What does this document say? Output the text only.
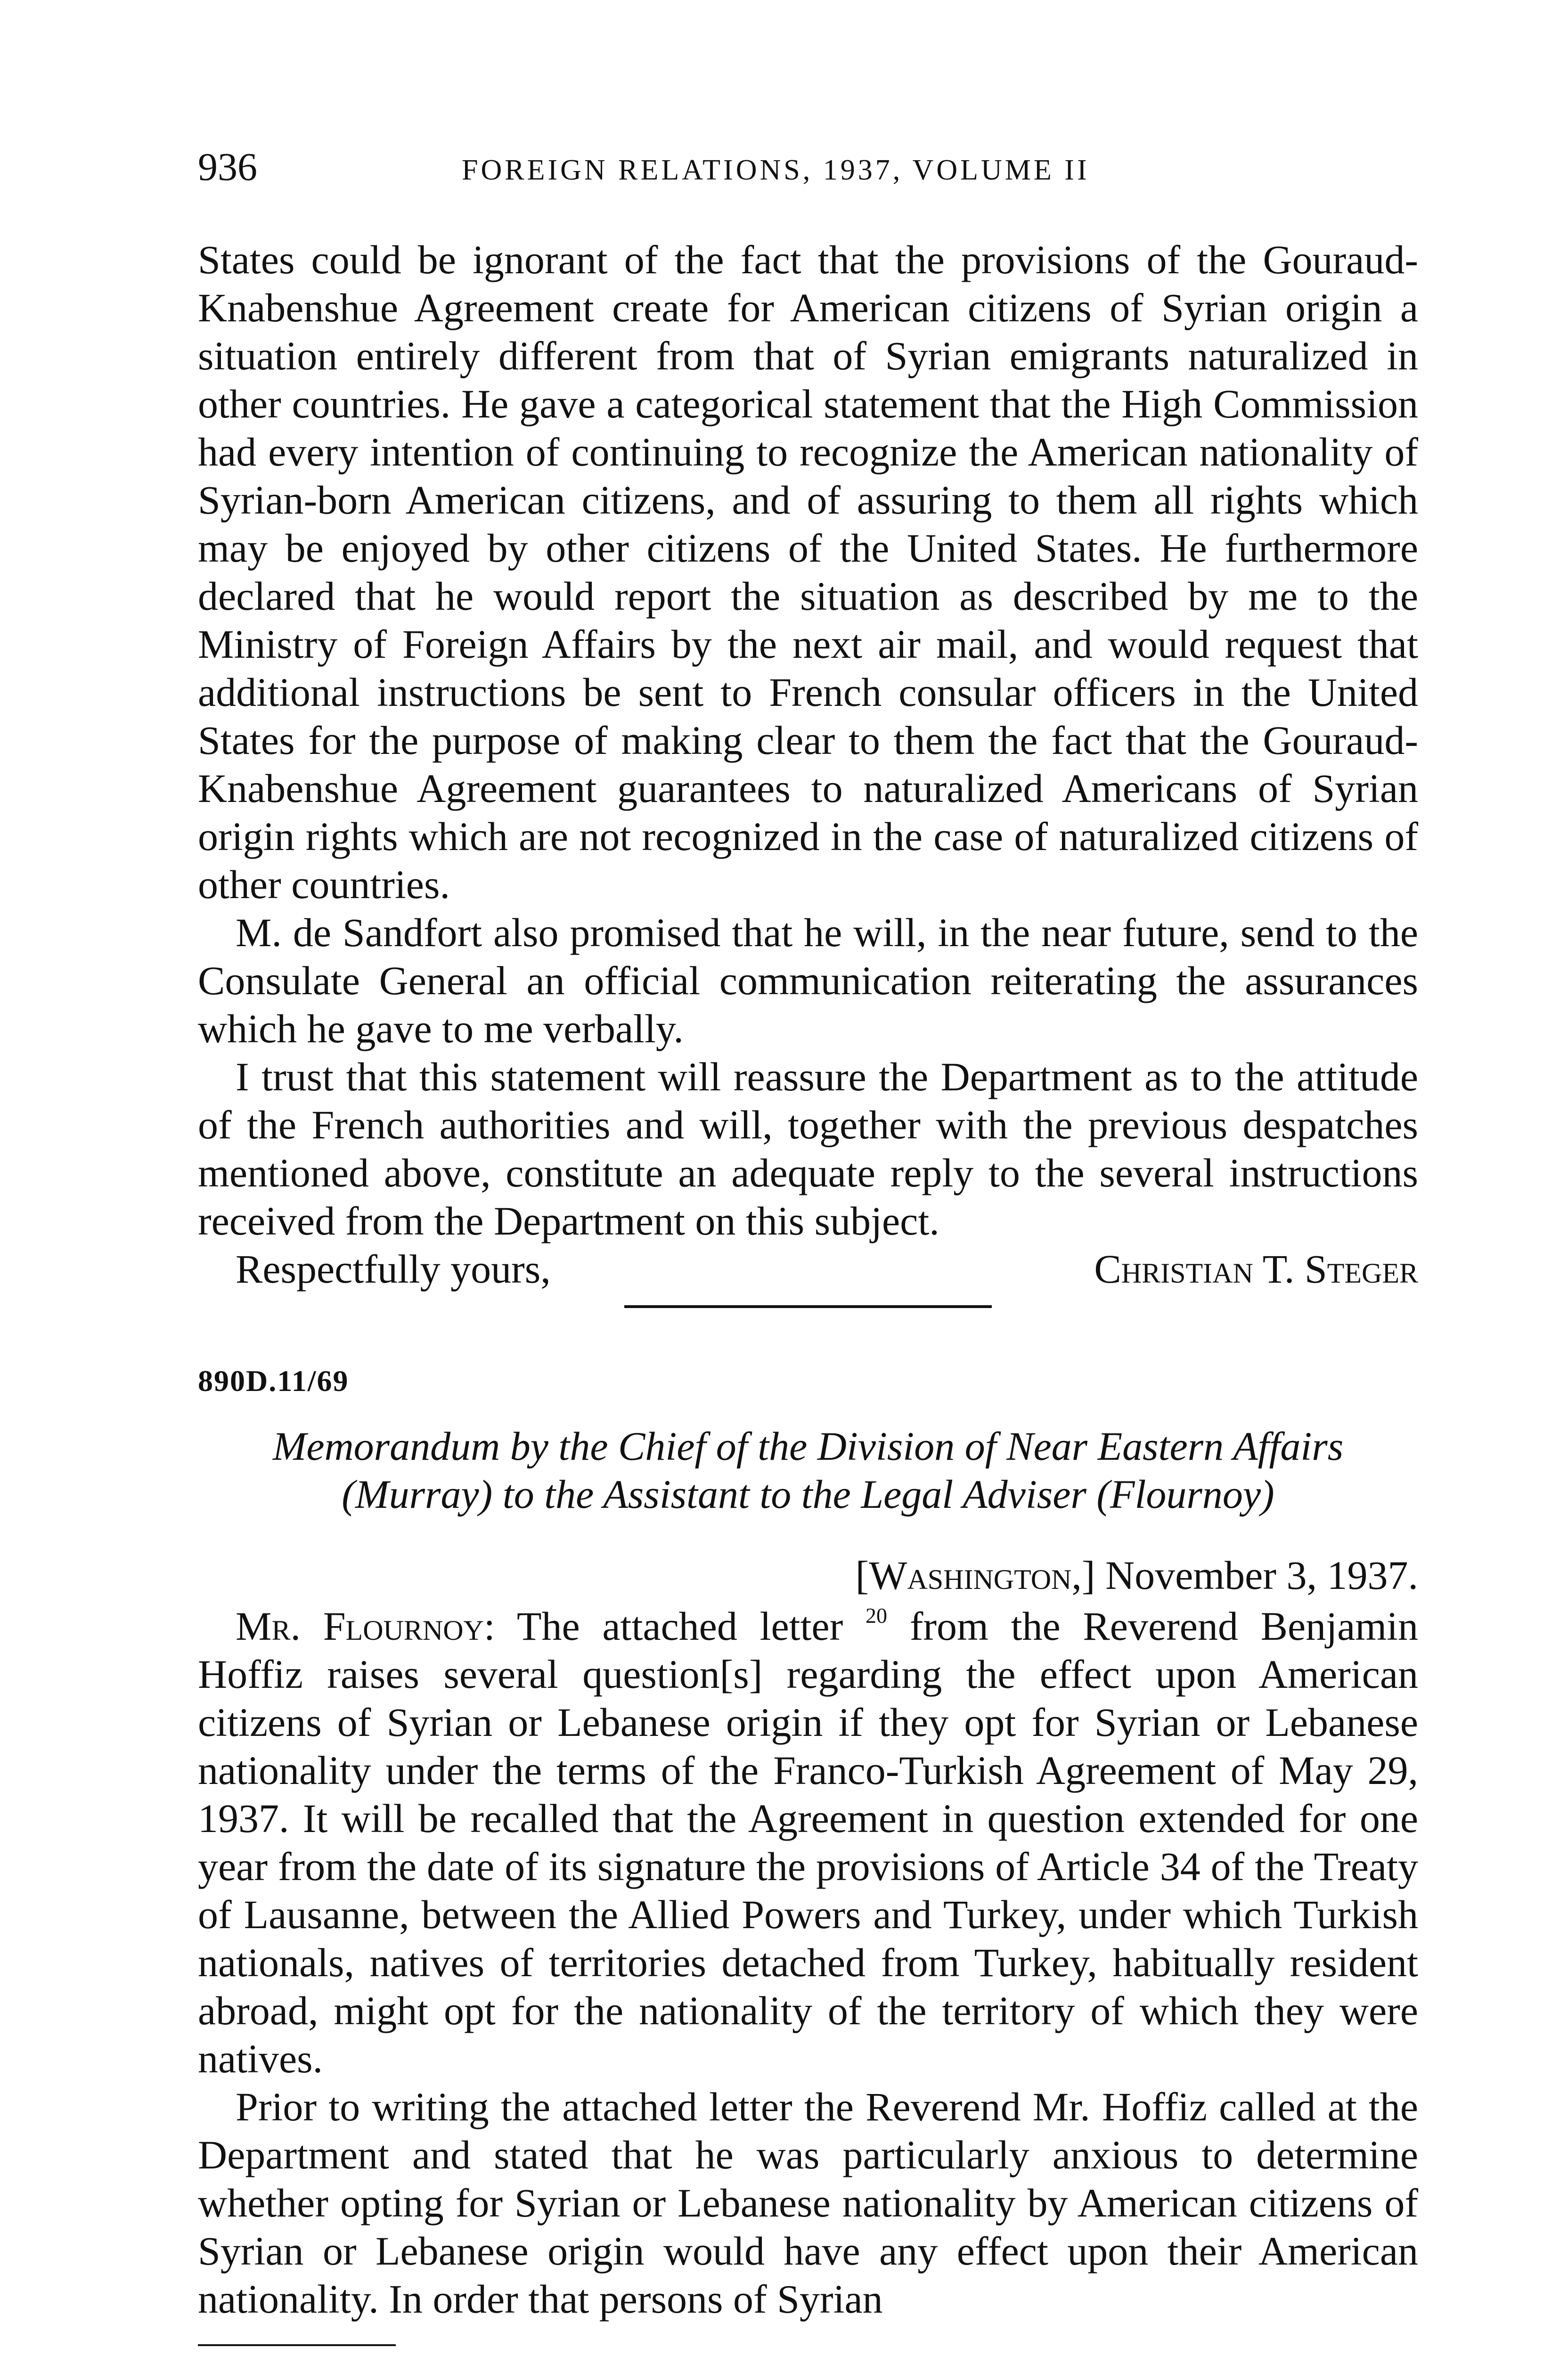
936	FOREIGN RELATIONS, 1937, VOLUME II

States could be ignorant of the fact that the provisions of the Gouraud-Knabenshue Agreement create for American citizens of Syrian origin a situation entirely different from that of Syrian emigrants naturalized in other countries. He gave a categorical statement that the High Commission had every intention of continuing to recognize the American nationality of Syrian-born American citizens, and of assuring to them all rights which may be enjoyed by other citizens of the United States. He furthermore declared that he would report the situation as described by me to the Ministry of Foreign Affairs by the next air mail, and would request that additional instructions be sent to French consular officers in the United States for the purpose of making clear to them the fact that the Gouraud-Knabenshue Agreement guarantees to naturalized Americans of Syrian origin rights which are not recognized in the case of naturalized citizens of other countries.

M. de Sandfort also promised that he will, in the near future, send to the Consulate General an official communication reiterating the assurances which he gave to me verbally.

I trust that this statement will reassure the Department as to the attitude of the French authorities and will, together with the previous despatches mentioned above, constitute an adequate reply to the several instructions received from the Department on this subject.

Respectfully yours,	Christian T. Steger
890D.11/69
Memorandum by the Chief of the Division of Near Eastern Affairs
(Murray) to the Assistant to the Legal Adviser (Flournoy)
[Washington,] November 3, 1937.

Mr. Flournoy: The attached letter $^{20}$ from the Reverend Benjamin Hoffiz raises several question[s] regarding the effect upon American citizens of Syrian or Lebanese origin if they opt for Syrian or Lebanese nationality under the terms of the Franco-Turkish Agreement of May 29, 1937. It will be recalled that the Agreement in question extended for one year from the date of its signature the provisions of Article 34 of the Treaty of Lausanne, between the Allied Powers and Turkey, under which Turkish nationals, natives of territories detached from Turkey, habitually resident abroad, might opt for the nationality of the territory of which they were natives.

Prior to writing the attached letter the Reverend Mr. Hoffiz called at the Department and stated that he was particularly anxious to determine whether opting for Syrian or Lebanese nationality by American citizens of Syrian or Lebanese origin would have any effect upon their American nationality. In order that persons of Syrian
